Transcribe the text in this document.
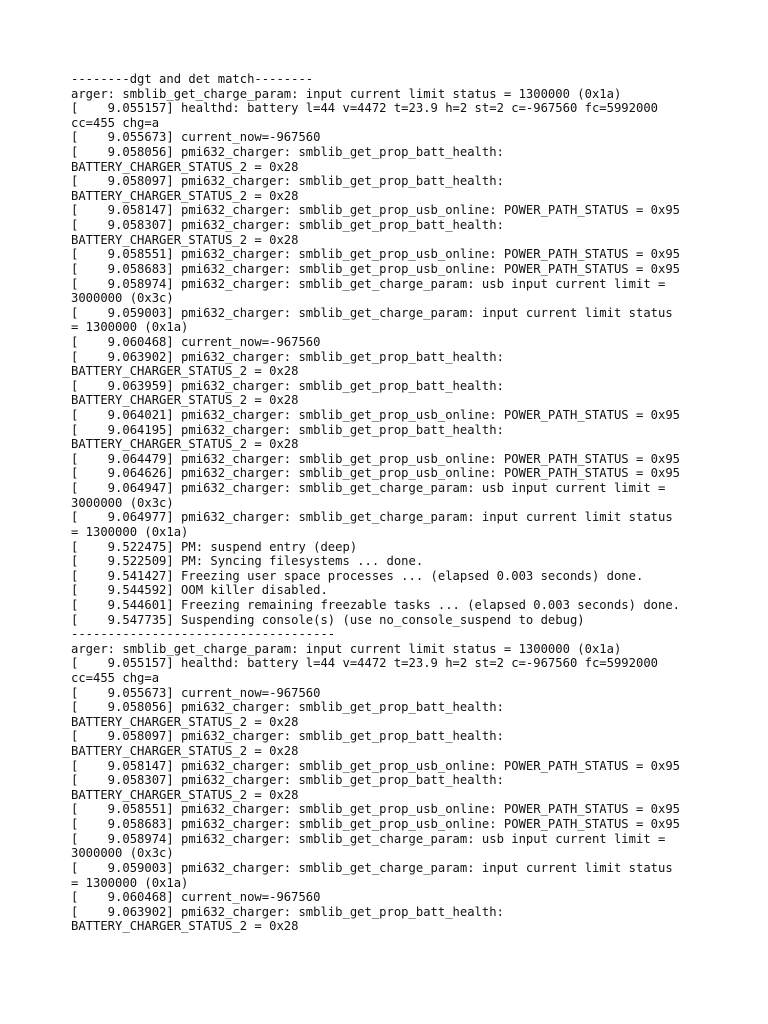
--------dgt and det match--------
arger: smblib_get_charge_param: input current limit status = 1300000 (0x1a)
[    9.055157] healthd: battery l=44 v=4472 t=23.9 h=2 st=2 c=-967560 fc=5992000
cc=455 chg=a
[    9.055673] current_now=-967560
[    9.058056] pmi632_charger: smblib_get_prop_batt_health:
BATTERY_CHARGER_STATUS_2 = 0x28
[    9.058097] pmi632_charger: smblib_get_prop_batt_health:
BATTERY_CHARGER_STATUS_2 = 0x28
[    9.058147] pmi632_charger: smblib_get_prop_usb_online: POWER_PATH_STATUS = 0x95
[    9.058307] pmi632_charger: smblib_get_prop_batt_health:
BATTERY_CHARGER_STATUS_2 = 0x28
[    9.058551] pmi632_charger: smblib_get_prop_usb_online: POWER_PATH_STATUS = 0x95
[    9.058683] pmi632_charger: smblib_get_prop_usb_online: POWER_PATH_STATUS = 0x95
[    9.058974] pmi632_charger: smblib_get_charge_param: usb input current limit =
3000000 (0x3c)
[    9.059003] pmi632_charger: smblib_get_charge_param: input current limit status
= 1300000 (0x1a)
[    9.060468] current_now=-967560
[    9.063902] pmi632_charger: smblib_get_prop_batt_health:
BATTERY_CHARGER_STATUS_2 = 0x28
[    9.063959] pmi632_charger: smblib_get_prop_batt_health:
BATTERY_CHARGER_STATUS_2 = 0x28
[    9.064021] pmi632_charger: smblib_get_prop_usb_online: POWER_PATH_STATUS = 0x95
[    9.064195] pmi632_charger: smblib_get_prop_batt_health:
BATTERY_CHARGER_STATUS_2 = 0x28
[    9.064479] pmi632_charger: smblib_get_prop_usb_online: POWER_PATH_STATUS = 0x95
[    9.064626] pmi632_charger: smblib_get_prop_usb_online: POWER_PATH_STATUS = 0x95
[    9.064947] pmi632_charger: smblib_get_charge_param: usb input current limit =
3000000 (0x3c)
[    9.064977] pmi632_charger: smblib_get_charge_param: input current limit status
= 1300000 (0x1a)
[    9.522475] PM: suspend entry (deep)
[    9.522509] PM: Syncing filesystems ... done.
[    9.541427] Freezing user space processes ... (elapsed 0.003 seconds) done.
[    9.544592] OOM killer disabled.
[    9.544601] Freezing remaining freezable tasks ... (elapsed 0.003 seconds) done.
[    9.547735] Suspending console(s) (use no_console_suspend to debug)
------------------------------------
arger: smblib_get_charge_param: input current limit status = 1300000 (0x1a)
[    9.055157] healthd: battery l=44 v=4472 t=23.9 h=2 st=2 c=-967560 fc=5992000
cc=455 chg=a
[    9.055673] current_now=-967560
[    9.058056] pmi632_charger: smblib_get_prop_batt_health:
BATTERY_CHARGER_STATUS_2 = 0x28
[    9.058097] pmi632_charger: smblib_get_prop_batt_health:
BATTERY_CHARGER_STATUS_2 = 0x28
[    9.058147] pmi632_charger: smblib_get_prop_usb_online: POWER_PATH_STATUS = 0x95
[    9.058307] pmi632_charger: smblib_get_prop_batt_health:
BATTERY_CHARGER_STATUS_2 = 0x28
[    9.058551] pmi632_charger: smblib_get_prop_usb_online: POWER_PATH_STATUS = 0x95
[    9.058683] pmi632_charger: smblib_get_prop_usb_online: POWER_PATH_STATUS = 0x95
[    9.058974] pmi632_charger: smblib_get_charge_param: usb input current limit =
3000000 (0x3c)
[    9.059003] pmi632_charger: smblib_get_charge_param: input current limit status
= 1300000 (0x1a)
[    9.060468] current_now=-967560
[    9.063902] pmi632_charger: smblib_get_prop_batt_health:
BATTERY_CHARGER_STATUS_2 = 0x28
